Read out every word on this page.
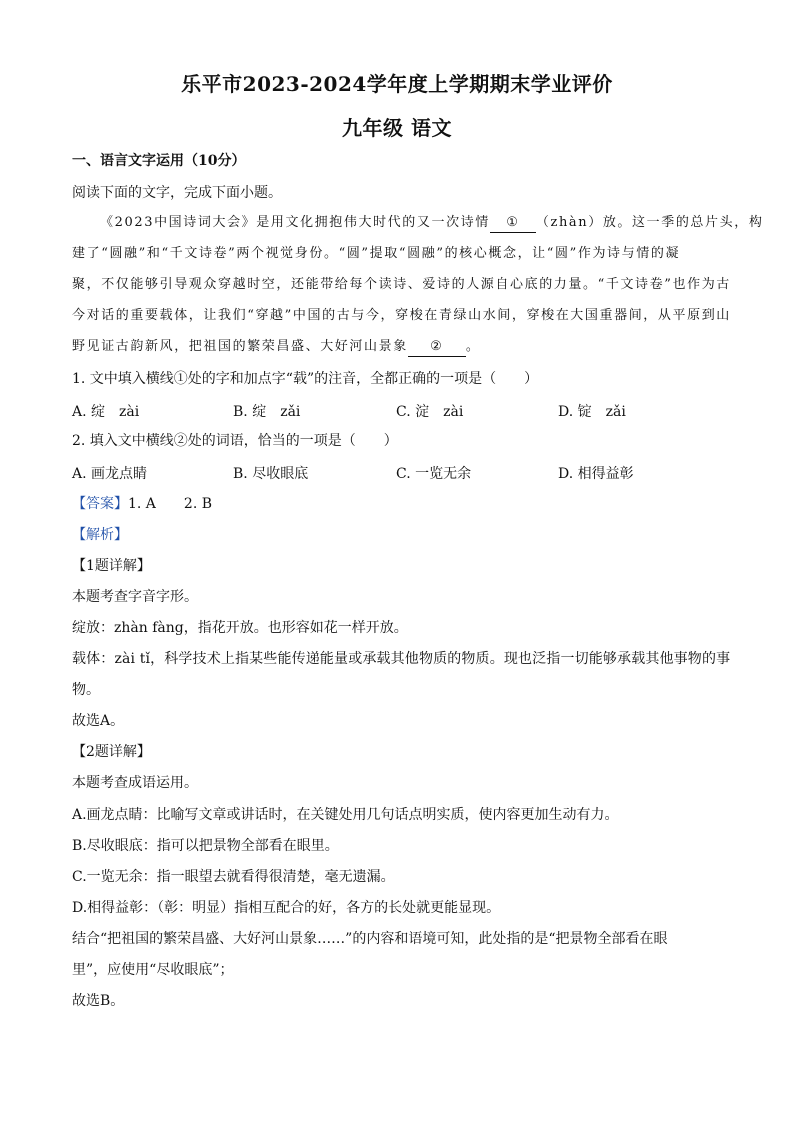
乐平市2023-2024学年度上学期期末学业评价
九年级 语文
一、语言文字运用（10分）
阅读下面的文字，完成下面小题。
《2023中国诗词大会》是用文化拥抱伟大时代的又一次诗情 ① （zhàn）放。这一季的总片头，构
建了“圆融”和“千文诗卷”两个视觉身份。“圆”提取“圆融”的核心概念，让“圆”作为诗与情的凝
聚，不仅能够引导观众穿越时空，还能带给每个读诗、爱诗的人源自心底的力量。“千文诗卷”也作为古
今对话的重要载体，让我们“穿越”中国的古与今，穿梭在青绿山水间，穿梭在大国重器间，从平原到山
野见证古韵新风，把祖国的繁荣昌盛、大好河山景象 ② 。
1. 文中填入横线①处的字和加点字“载”的注音，全都正确的一项是（　　）
A. 绽　zài	B. 绽　zǎi	C. 淀　zài	D. 锭　zǎi
2. 填入文中横线②处的词语，恰当的一项是（　　）
A. 画龙点睛	B. 尽收眼底	C. 一览无余	D. 相得益彰
【答案】1. A　　2. B
【解析】
【1题详解】
本题考查字音字形。
绽放：zhàn fàng，指花开放。也形容如花一样开放。
载体：zài tǐ，科学技术上指某些能传递能量或承载其他物质的物质。现也泛指一切能够承载其他事物的事
物。
故选A。
【2题详解】
本题考查成语运用。
A.画龙点睛：比喻写文章或讲话时，在关键处用几句话点明实质，使内容更加生动有力。
B.尽收眼底：指可以把景物全部看在眼里。
C.一览无余：指一眼望去就看得很清楚，毫无遗漏。
D.相得益彰：（彰：明显）指相互配合的好，各方的长处就更能显现。
结合“把祖国的繁荣昌盛、大好河山景象……”的内容和语境可知，此处指的是“把景物全部看在眼
里”，应使用“尽收眼底”；
故选B。
